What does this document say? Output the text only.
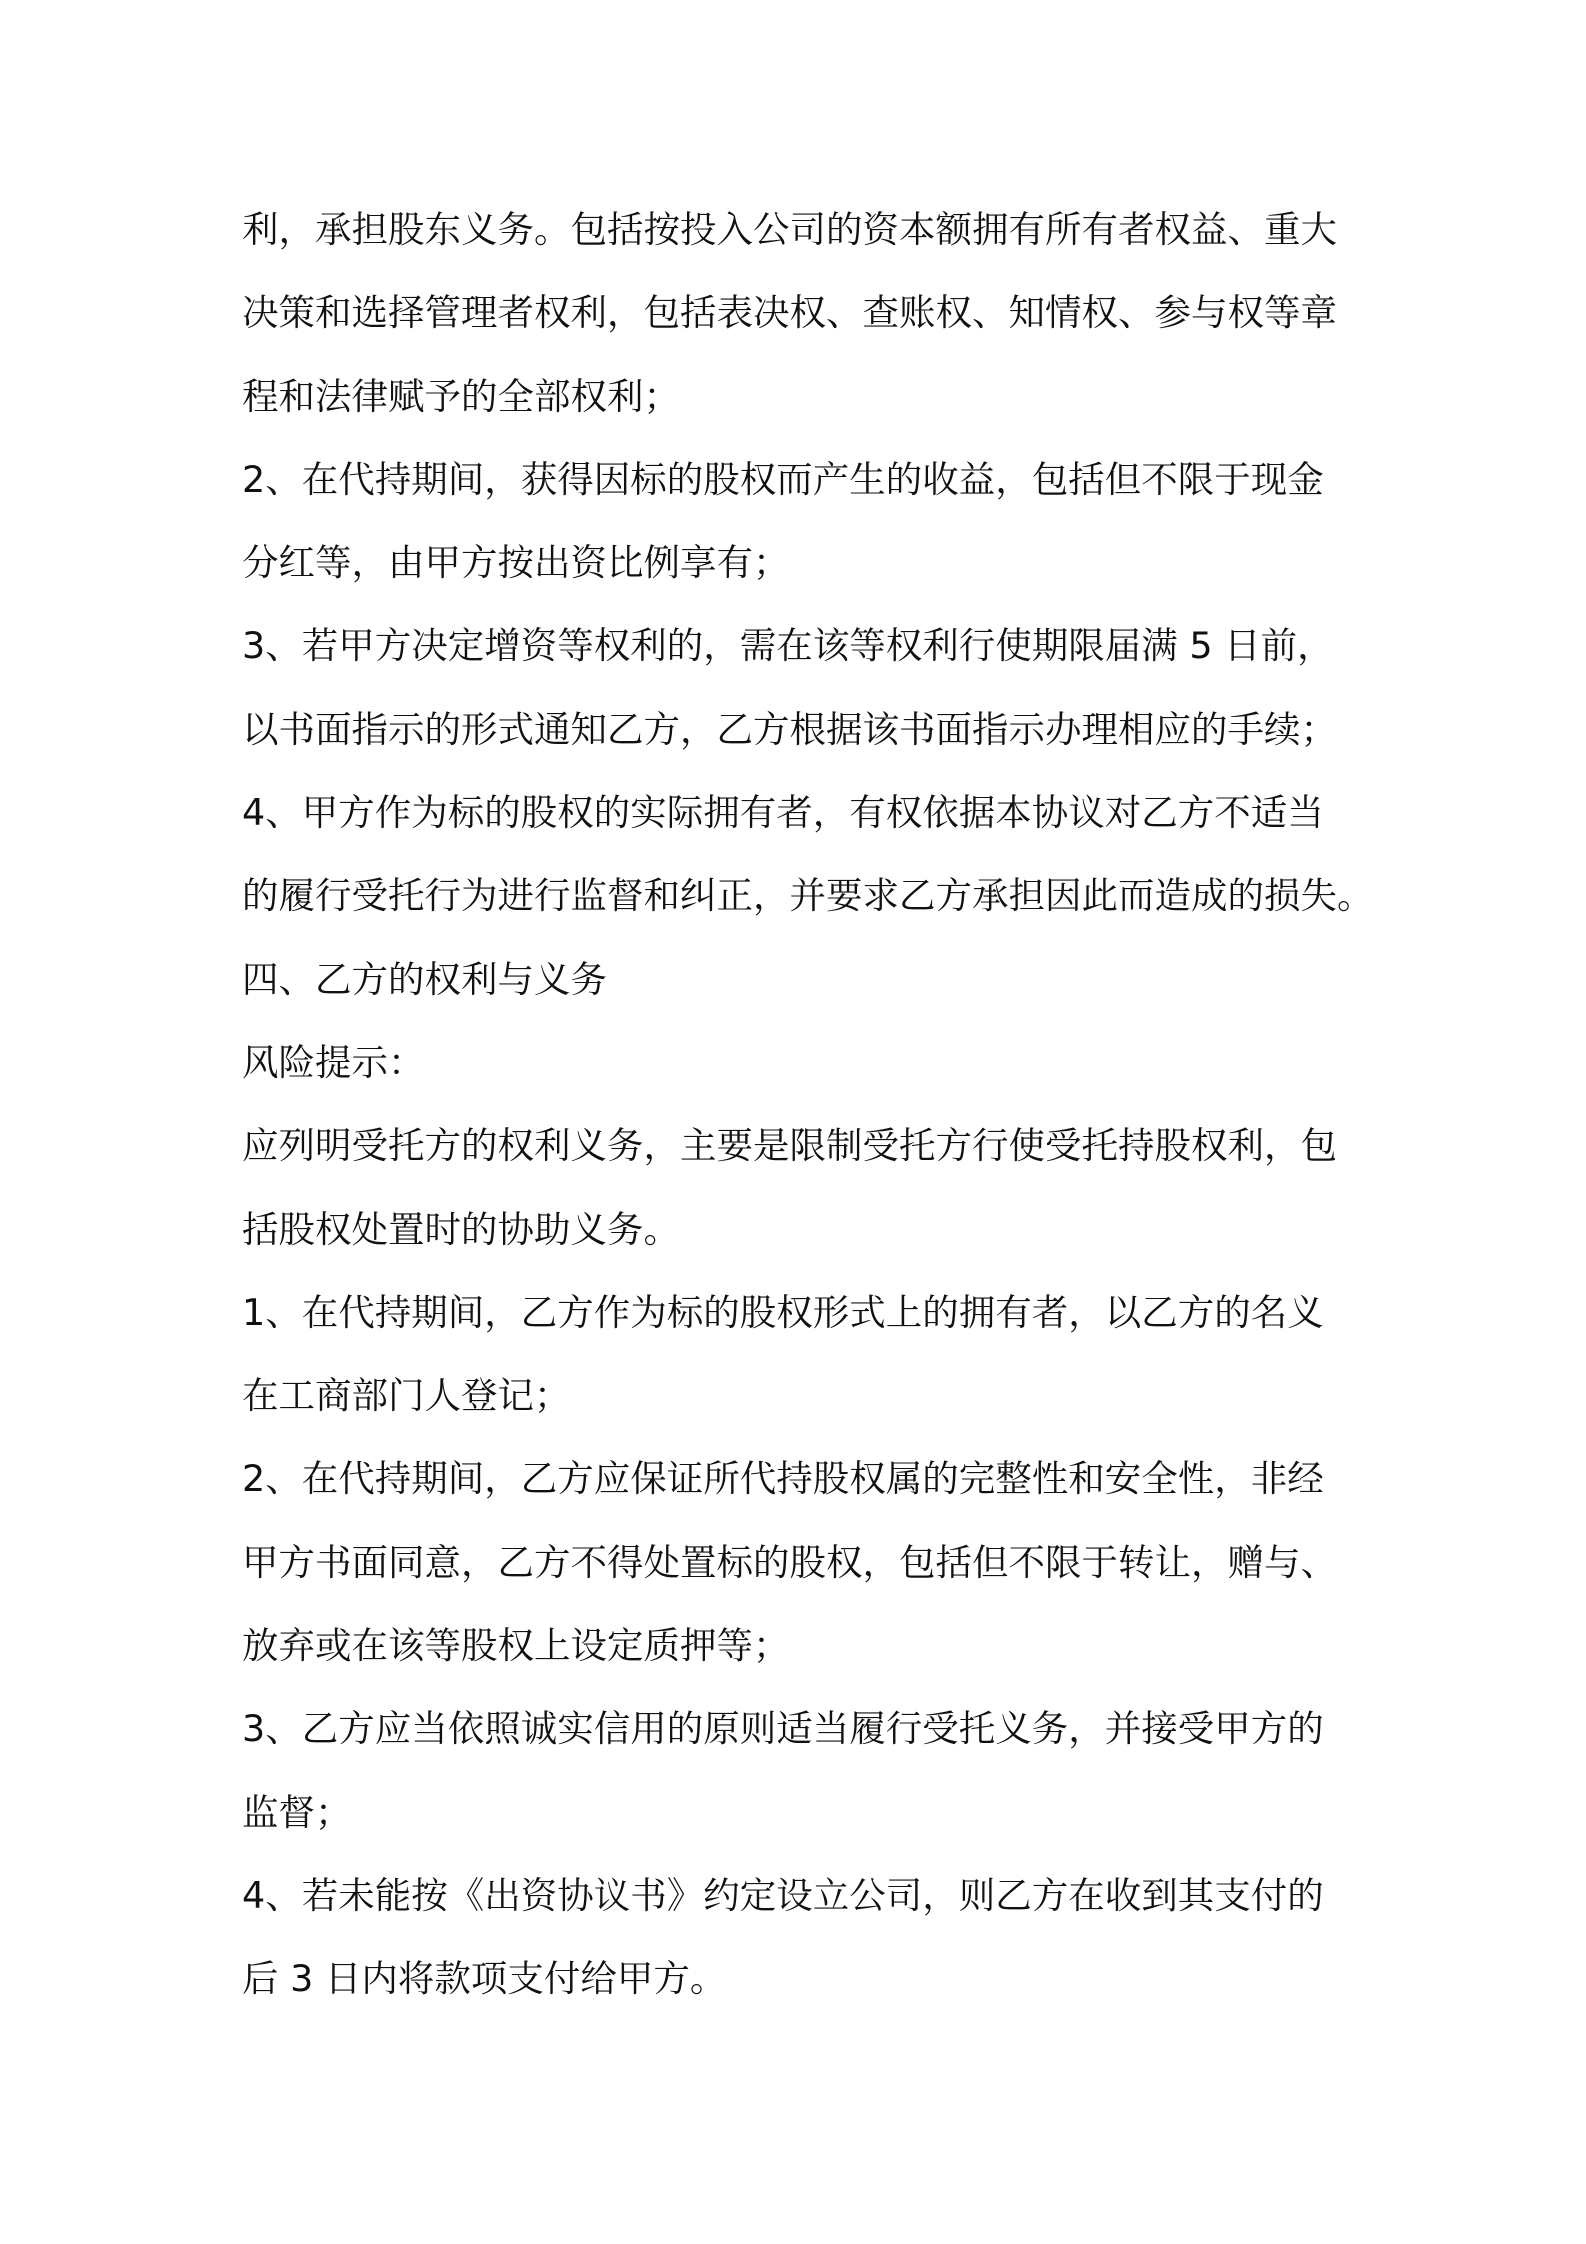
利，承担股东义务。包括按投入公司的资本额拥有所有者权益、重大
决策和选择管理者权利，包括表决权、查账权、知情权、参与权等章
程和法律赋予的全部权利；
2、在代持期间，获得因标的股权而产生的收益，包括但不限于现金
分红等，由甲方按出资比例享有；
3、若甲方决定增资等权利的，需在该等权利行使期限届满 5 日前，
以书面指示的形式通知乙方，乙方根据该书面指示办理相应的手续；
4、甲方作为标的股权的实际拥有者，有权依据本协议对乙方不适当
的履行受托行为进行监督和纠正，并要求乙方承担因此而造成的损失。
四、乙方的权利与义务
风险提示：
应列明受托方的权利义务，主要是限制受托方行使受托持股权利，包
括股权处置时的协助义务。
1、在代持期间，乙方作为标的股权形式上的拥有者，以乙方的名义
在工商部门人登记；
2、在代持期间，乙方应保证所代持股权属的完整性和安全性，非经
甲方书面同意，乙方不得处置标的股权，包括但不限于转让，赠与、
放弃或在该等股权上设定质押等；
3、乙方应当依照诚实信用的原则适当履行受托义务，并接受甲方的
监督；
4、若未能按《出资协议书》约定设立公司，则乙方在收到其支付的
后 3 日内将款项支付给甲方。
